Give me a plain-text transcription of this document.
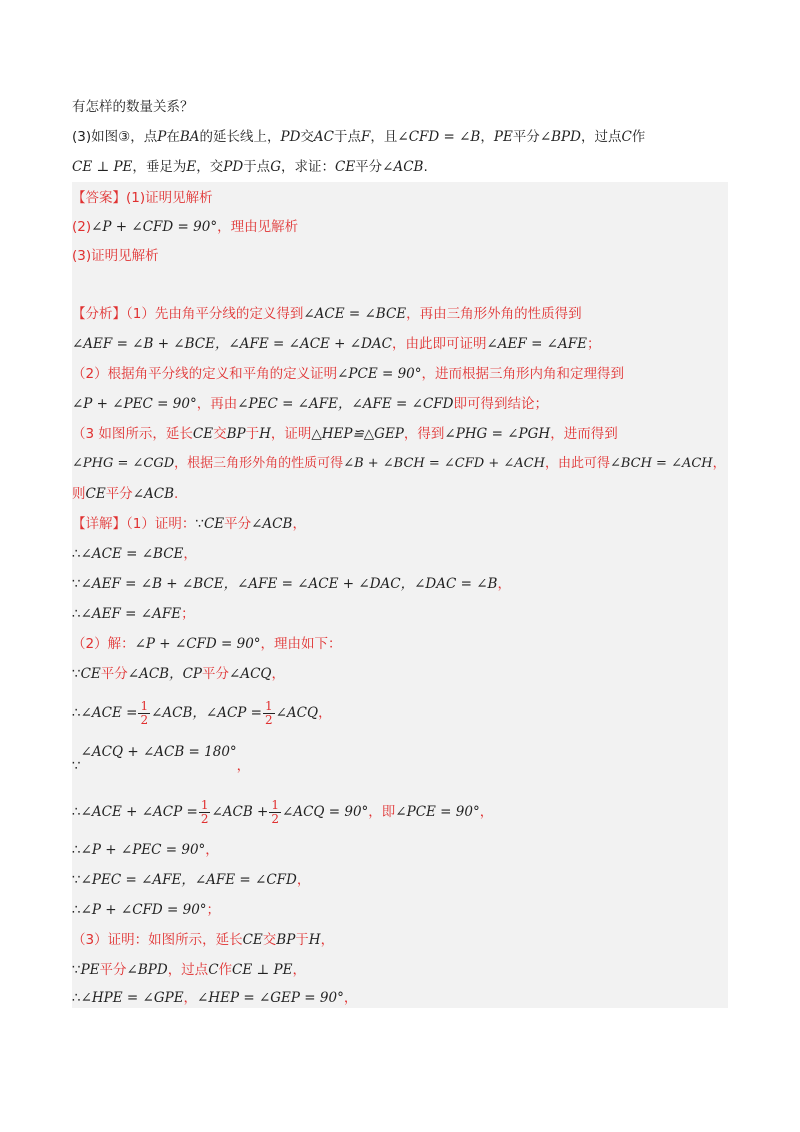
有怎样的数量关系？

(3)如图③，点P在BA的延长线上，PD交AC于点F，且∠CFD = ∠B，PE平分∠BPD，过点C作

CE ⊥ PE，垂足为E，交PD于点G，求证：CE平分∠ACB.

【答案】(1)证明见解析
(2)∠P + ∠CFD = 90°，理由见解析
(3)证明见解析
【分析】（1）先由角平分线的定义得到∠ACE = ∠BCE，再由三角形外角的性质得到
∠AEF = ∠B + ∠BCE，∠AFE = ∠ACE + ∠DAC，由此即可证明∠AEF = ∠AFE；
（2）根据角平分线的定义和平角的定义证明∠PCE = 90°，进而根据三角形内角和定理得到
∠P + ∠PEC = 90°，再由∠PEC = ∠AFE，∠AFE = ∠CFD即可得到结论；
（3 如图所示，延长CE交BP于H，证明△HEP≌△GEP，得到∠PHG = ∠PGH，进而得到
∠PHG = ∠CGD，根据三角形外角的性质可得∠B + ∠BCH = ∠CFD + ∠ACH，由此可得∠BCH = ∠ACH，
则CE平分∠ACB.
【详解】（1）证明：∵CE平分∠ACB，
∴∠ACE = ∠BCE，
∵∠AEF = ∠B + ∠BCE，∠AFE = ∠ACE + ∠DAC，∠DAC = ∠B，
∴∠AEF = ∠AFE；
（2）解：∠P + ∠CFD = 90°，理由如下：
∵CE平分∠ACB，CP平分∠ACQ，
∴∠ACE = $\frac{1}{2}$ ∠ACB，∠ACP = $\frac{1}{2}$ ∠ACQ，
∵∠ACQ + ∠ACB = 180°，
∴∠ACE + ∠ACP = $\frac{1}{2}$ ∠ACB + $\frac{1}{2}$ ∠ACQ = 90°，即∠PCE = 90°，
∴∠P + ∠PEC = 90°，
∵∠PEC = ∠AFE，∠AFE = ∠CFD，
∴∠P + ∠CFD = 90°；
（3）证明：如图所示，延长CE交BP于H，
∵PE平分∠BPD，过点C作CE ⊥ PE，
∴∠HPE = ∠GPE，∠HEP = ∠GEP = 90°，
